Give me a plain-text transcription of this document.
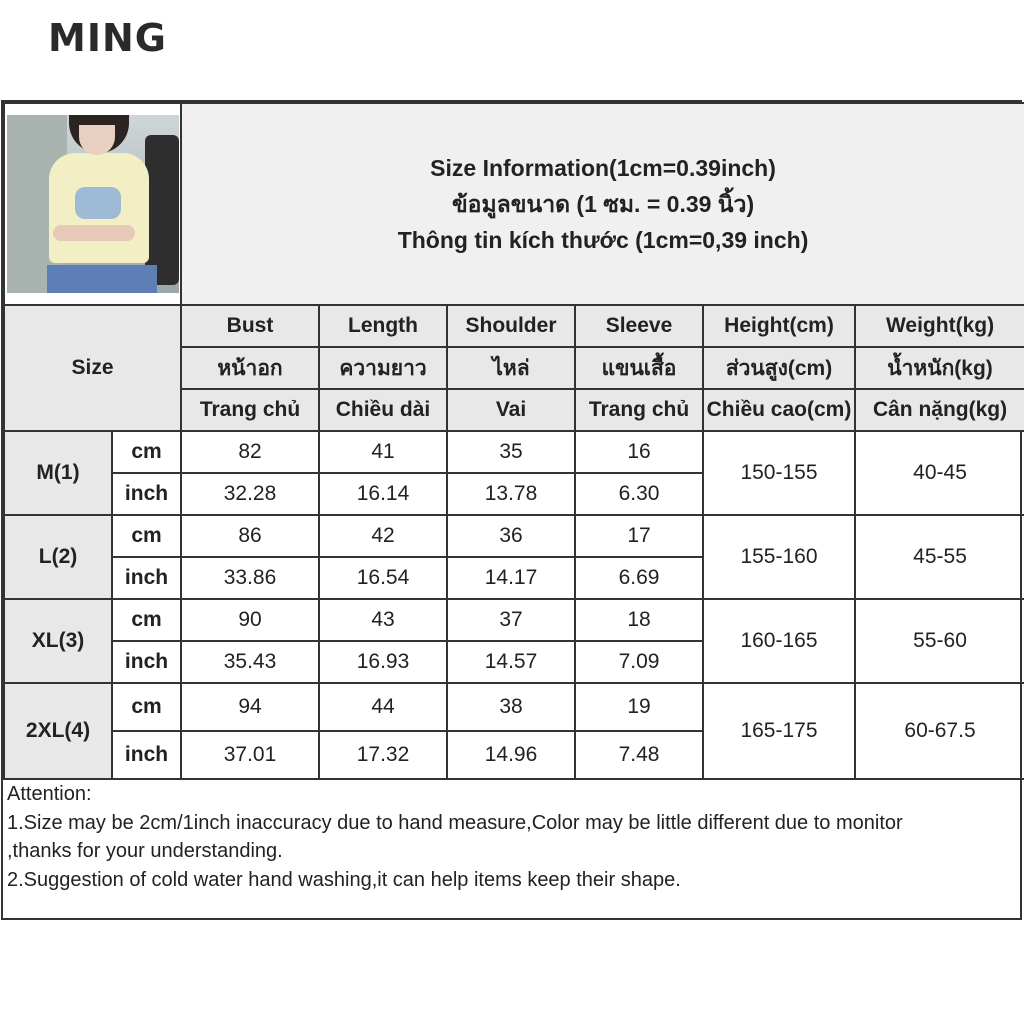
MING

		Size Information(1cm=0.39inch)
ข้อมูลขนาด (1 ซม. = 0.39 นิ้ว)
Thông tin kích thước (1cm=0,39 inch)					

Size		Bust	Length	Shoulder	Sleeve	Height(cm)	Weight(kg)
		หน้าอก	ความยาว	ไหล่	แขนเสื้อ	ส่วนสูง(cm)	น้ำหนัก(kg)
		Trang chủ	Chiều dài	Vai	Trang chủ	Chiều cao(cm)	Cân nặng(kg)
M(1)	cm	82	41	35	16	150-155	40-45
	inch	32.28	16.14	13.78	6.30		
L(2)	cm	86	42	36	17	155-160	45-55
	inch	33.86	16.54	14.17	6.69		
XL(3)	cm	90	43	37	18	160-165	55-60
	inch	35.43	16.93	14.57	7.09		
2XL(4)	cm	94	44	38	19	165-175	60-67.5
	inch	37.01	17.32	14.96	7.48		
Attention:
1.Size may be 2cm/1inch inaccuracy due to hand measure,Color may be little different due to monitor
,thanks for your understanding.
2.Suggestion of cold water hand washing,it can help items keep their shape.
